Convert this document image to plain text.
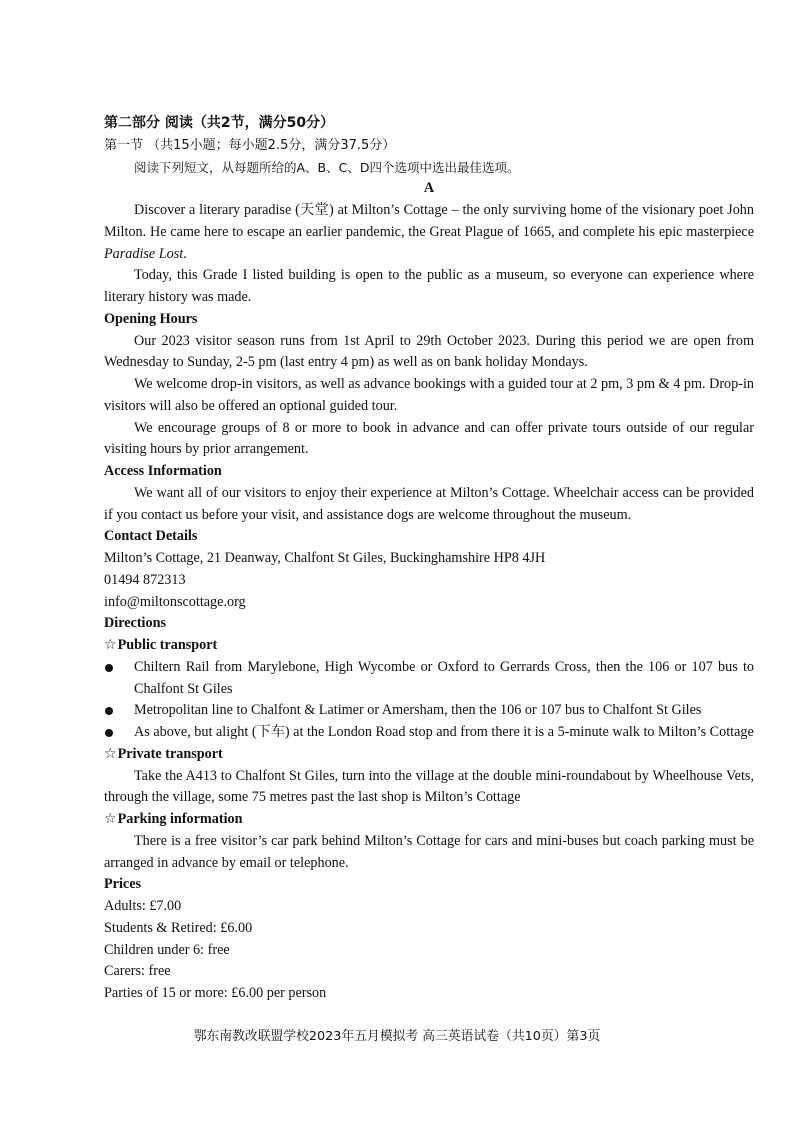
第二部分 阅读（共2节，满分50分）
第一节 （共15小题；每小题2.5分，满分37.5分）
阅读下列短文，从每题所给的A、B、C、D四个选项中选出最佳选项。
A
Discover a literary paradise (天堂) at Milton’s Cottage – the only surviving home of the visionary poet John Milton. He came here to escape an earlier pandemic, the Great Plague of 1665, and complete his epic masterpiece Paradise Lost.
Today, this Grade I listed building is open to the public as a museum, so everyone can experience where literary history was made.
Opening Hours
Our 2023 visitor season runs from 1st April to 29th October 2023. During this period we are open from Wednesday to Sunday, 2-5 pm (last entry 4 pm) as well as on bank holiday Mondays.
We welcome drop-in visitors, as well as advance bookings with a guided tour at 2 pm, 3 pm & 4 pm. Drop-in visitors will also be offered an optional guided tour.
We encourage groups of 8 or more to book in advance and can offer private tours outside of our regular visiting hours by prior arrangement.
Access Information
We want all of our visitors to enjoy their experience at Milton’s Cottage. Wheelchair access can be provided if you contact us before your visit, and assistance dogs are welcome throughout the museum.
Contact Details
Milton’s Cottage, 21 Deanway, Chalfont St Giles, Buckinghamshire HP8 4JH
01494 872313
info@miltonscottage.org
Directions
☆Public transport
Chiltern Rail from Marylebone, High Wycombe or Oxford to Gerrards Cross, then the 106 or 107 bus to Chalfont St Giles
Metropolitan line to Chalfont & Latimer or Amersham, then the 106 or 107 bus to Chalfont St Giles
As above, but alight (下车) at the London Road stop and from there it is a 5-minute walk to Milton’s Cottage
☆Private transport
Take the A413 to Chalfont St Giles, turn into the village at the double mini-roundabout by Wheelhouse Vets, through the village, some 75 metres past the last shop is Milton’s Cottage
☆Parking information
There is a free visitor’s car park behind Milton’s Cottage for cars and mini-buses but coach parking must be arranged in advance by email or telephone.
Prices
Adults: £7.00
Students & Retired: £6.00
Children under 6: free
Carers: free
Parties of 15 or more: £6.00 per person
鄂东南教改联盟学校2023年五月模拟考 高三英语试卷（共10页）第3页
